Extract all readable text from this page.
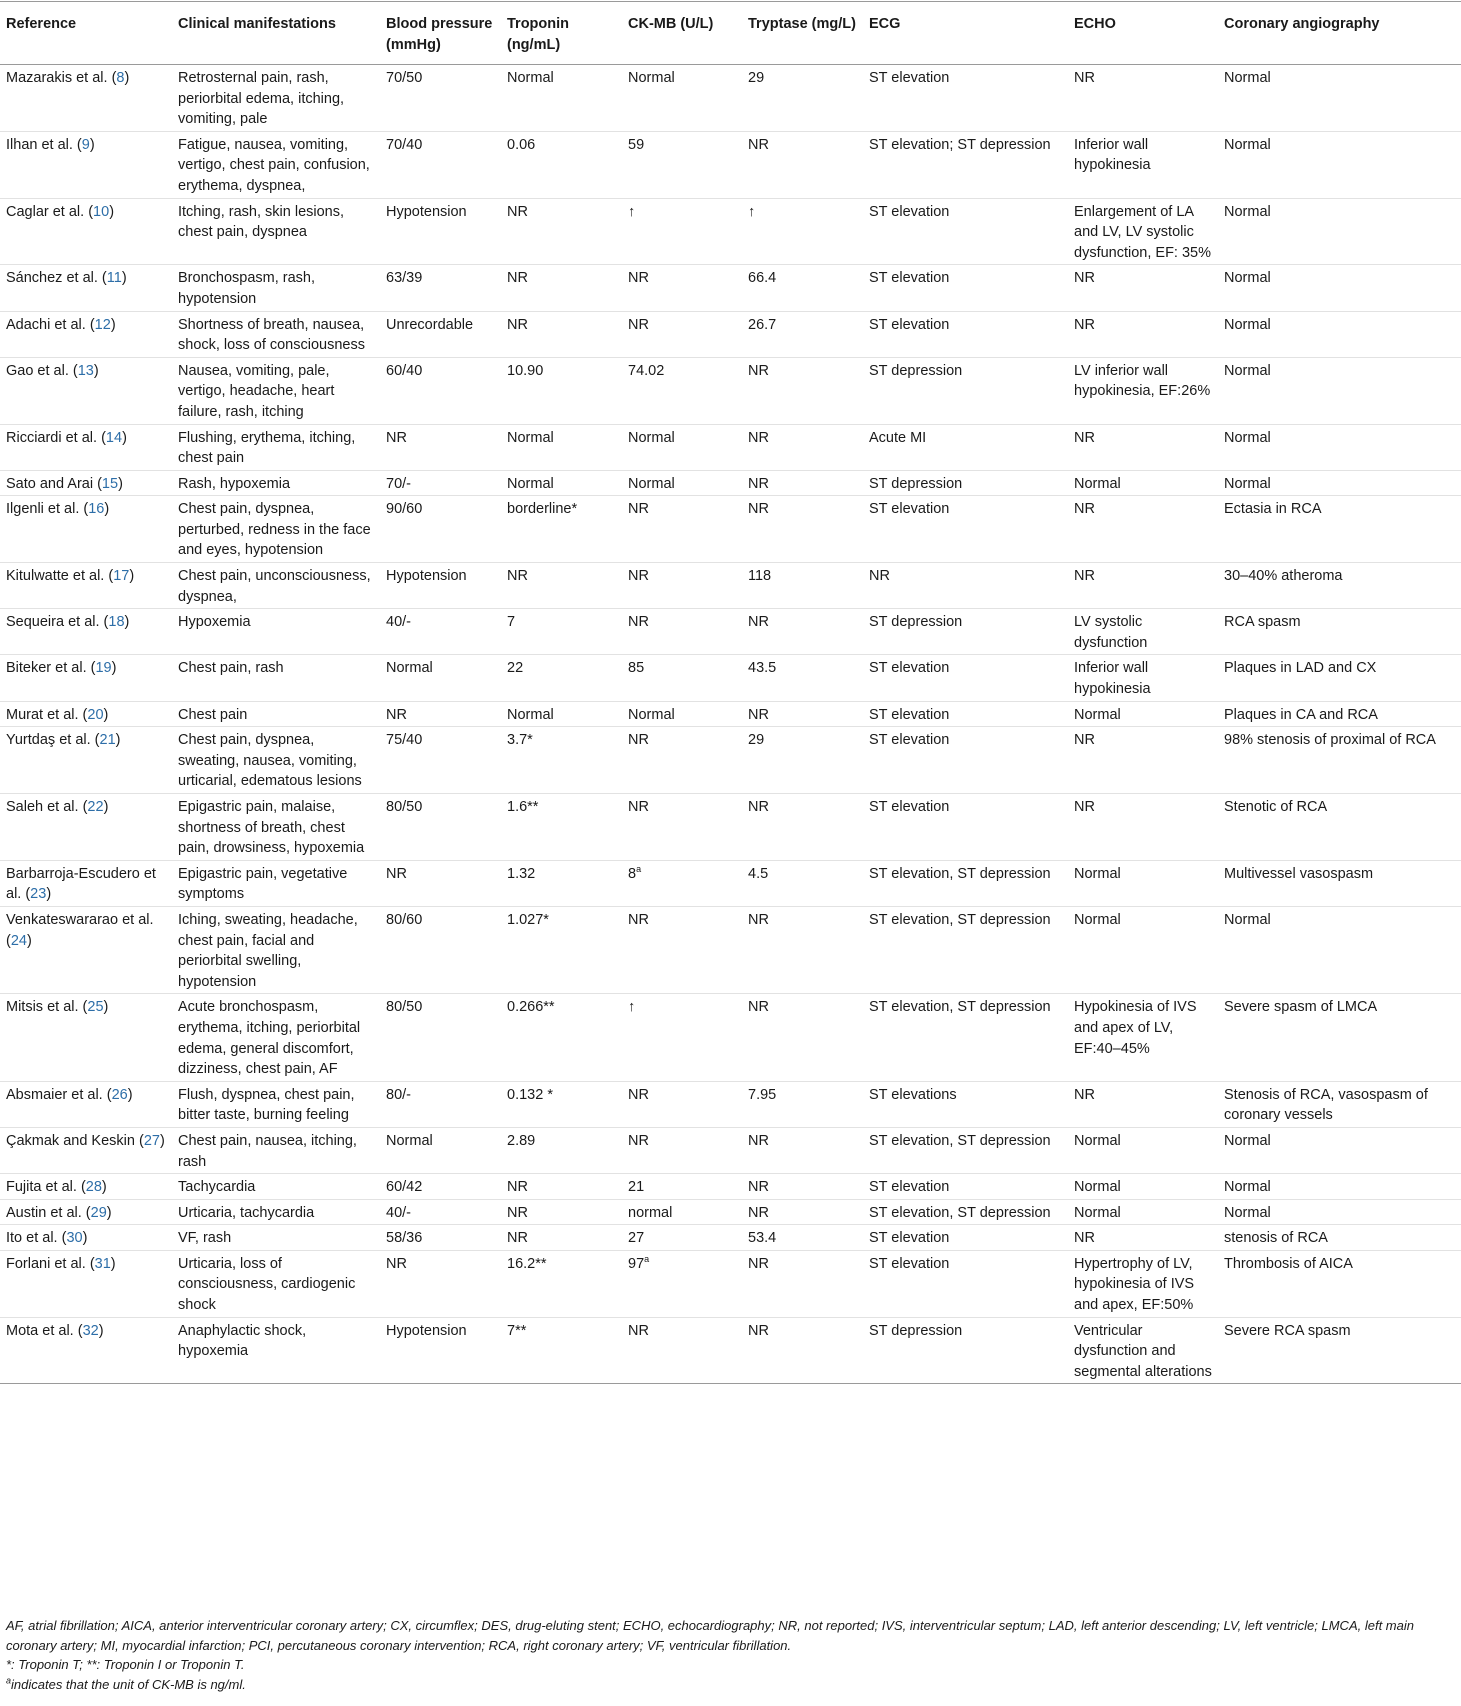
Reference	Clinical manifestations	Blood pressure (mmHg)	Troponin (ng/mL)	CK-MB (U/L)	Tryptase (mg/L)	ECG	ECHO	Coronary angiography
Mazarakis et al. (8)	Retrosternal pain, rash, periorbital edema, itching, vomiting, pale	70/50	Normal	Normal	29	ST elevation	NR	Normal
Ilhan et al. (9)	Fatigue, nausea, vomiting, vertigo, chest pain, confusion, erythema, dyspnea,	70/40	0.06	59	NR	ST elevation; ST depression	Inferior wall hypokinesia	Normal
Caglar et al. (10)	Itching, rash, skin lesions, chest pain, dyspnea	Hypotension	NR	↑	↑	ST elevation	Enlargement of LA and LV, LV systolic dysfunction, EF: 35%	Normal
Sánchez et al. (11)	Bronchospasm, rash, hypotension	63/39	NR	NR	66.4	ST elevation	NR	Normal
Adachi et al. (12)	Shortness of breath, nausea, shock, loss of consciousness	Unrecordable	NR	NR	26.7	ST elevation	NR	Normal
Gao et al. (13)	Nausea, vomiting, pale, vertigo, headache, heart failure, rash, itching	60/40	10.90	74.02	NR	ST depression	LV inferior wall hypokinesia, EF:26%	Normal
Ricciardi et al. (14)	Flushing, erythema, itching, chest pain	NR	Normal	Normal	NR	Acute MI	NR	Normal
Sato and Arai (15)	Rash, hypoxemia	70/-	Normal	Normal	NR	ST depression	Normal	Normal
Ilgenli et al. (16)	Chest pain, dyspnea, perturbed, redness in the face and eyes, hypotension	90/60	borderline*	NR	NR	ST elevation	NR	Ectasia in RCA
Kitulwatte et al. (17)	Chest pain, unconsciousness, dyspnea,	Hypotension	NR	NR	118	NR	NR	30–40% atheroma
Sequeira et al. (18)	Hypoxemia	40/-	7	NR	NR	ST depression	LV systolic dysfunction	RCA spasm
Biteker et al. (19)	Chest pain, rash	Normal	22	85	43.5	ST elevation	Inferior wall hypokinesia	Plaques in LAD and CX
Murat et al. (20)	Chest pain	NR	Normal	Normal	NR	ST elevation	Normal	Plaques in CA and RCA
Yurtdaş et al. (21)	Chest pain, dyspnea, sweating, nausea, vomiting, urticarial, edematous lesions	75/40	3.7*	NR	29	ST elevation	NR	98% stenosis of proximal of RCA
Saleh et al. (22)	Epigastric pain, malaise, shortness of breath, chest pain, drowsiness, hypoxemia	80/50	1.6**	NR	NR	ST elevation	NR	Stenotic of RCA
Barbarroja-Escudero et al. (23)	Epigastric pain, vegetative symptoms	NR	1.32	8$^a$	4.5	ST elevation, ST depression	Normal	Multivessel vasospasm
Venkateswararao et al. (24)	Iching, sweating, headache, chest pain, facial and periorbital swelling, hypotension	80/60	1.027*	NR	NR	ST elevation, ST depression	Normal	Normal
Mitsis et al. (25)	Acute bronchospasm, erythema, itching, periorbital edema, general discomfort, dizziness, chest pain, AF	80/50	0.266**	↑	NR	ST elevation, ST depression	Hypokinesia of IVS and apex of LV, EF:40–45%	Severe spasm of LMCA
Absmaier et al. (26)	Flush, dyspnea, chest pain, bitter taste, burning feeling	80/-	0.132 *	NR	7.95	ST elevations	NR	Stenosis of RCA, vasospasm of coronary vessels
Çakmak and Keskin (27)	Chest pain, nausea, itching, rash	Normal	2.89	NR	NR	ST elevation, ST depression	Normal	Normal
Fujita et al. (28)	Tachycardia	60/42	NR	21	NR	ST elevation	Normal	Normal
Austin et al. (29)	Urticaria, tachycardia	40/-	NR	normal	NR	ST elevation, ST depression	Normal	Normal
Ito et al. (30)	VF, rash	58/36	NR	27	53.4	ST elevation	NR	stenosis of RCA
Forlani et al. (31)	Urticaria, loss of consciousness, cardiogenic shock	NR	16.2**	97$^a$	NR	ST elevation	Hypertrophy of LV, hypokinesia of IVS and apex, EF:50%	Thrombosis of AICA
Mota et al. (32)	Anaphylactic shock, hypoxemia	Hypotension	7**	NR	NR	ST depression	Ventricular dysfunction and segmental alterations	Severe RCA spasm

AF, atrial fibrillation; AICA, anterior interventricular coronary artery; CX, circumflex; DES, drug-eluting stent; ECHO, echocardiography; NR, not reported; IVS, interventricular septum; LAD, left anterior descending; LV, left ventricle; LMCA, left main coronary artery; MI, myocardial infarction; PCI, percutaneous coronary intervention; RCA, right coronary artery; VF, ventricular fibrillation.

*: Troponin T; **: Troponin I or Troponin T.

$^a$indicates that the unit of CK-MB is ng/ml.
